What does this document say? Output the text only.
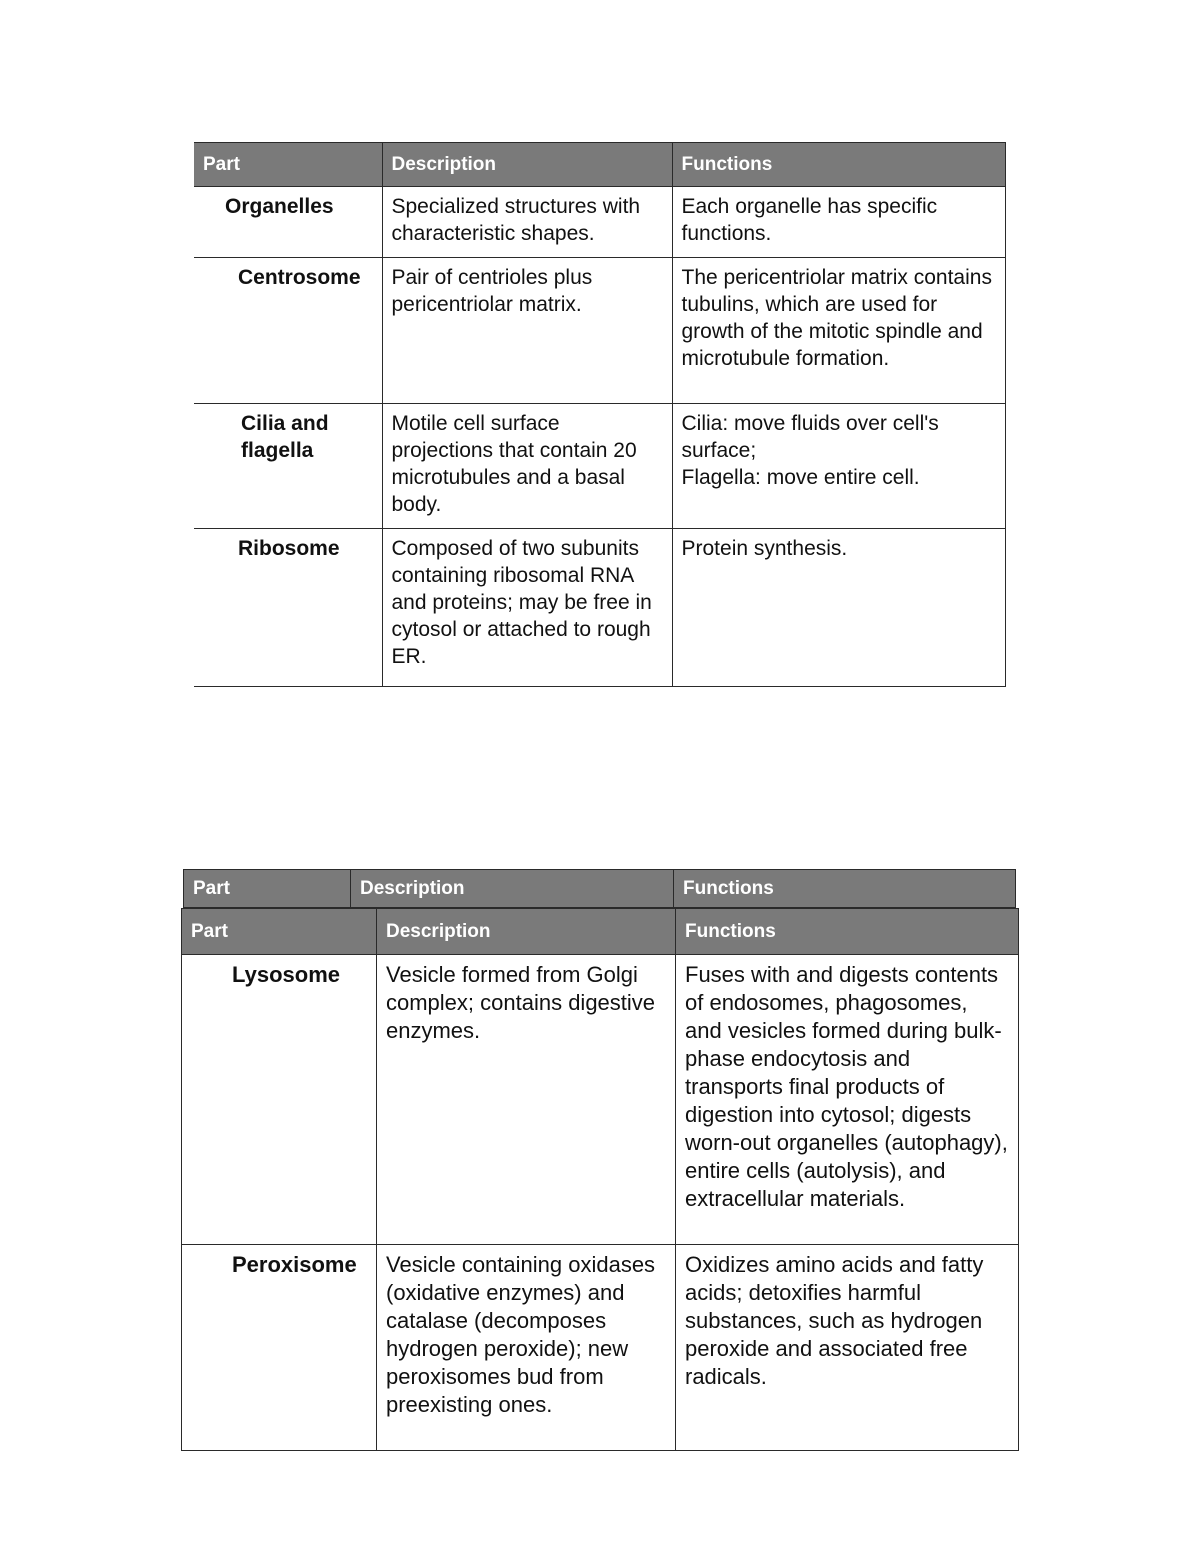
Part	Description	Functions
Organelles	Specialized structures with characteristic shapes.	Each organelle has specific functions.
Centrosome	Pair of centrioles plus pericentriolar matrix.	The pericentriolar matrix contains tubulins, which are used for growth of the mitotic spindle and microtubule formation.
Cilia and flagella	Motile cell surface projections that contain 20 microtubules and a basal body.	Cilia: move fluids over cell's surface;
Flagella: move entire cell.
Ribosome	Composed of two subunits containing ribosomal RNA and proteins; may be free in cytosol or attached to rough ER.	Protein synthesis.
Part	Description	Functions
Part	Description	Functions
Lysosome	Vesicle formed from Golgi complex; contains digestive enzymes.	Fuses with and digests contents of endosomes, phagosomes, and vesicles formed during bulk-phase endocytosis and transports final products of digestion into cytosol; digests worn-out organelles (autophagy), entire cells (autolysis), and extracellular materials.
Peroxisome	Vesicle containing oxidases (oxidative enzymes) and catalase (decomposes hydrogen peroxide); new peroxisomes bud from preexisting ones.	Oxidizes amino acids and fatty acids; detoxifies harmful substances, such as hydrogen peroxide and associated free radicals.
